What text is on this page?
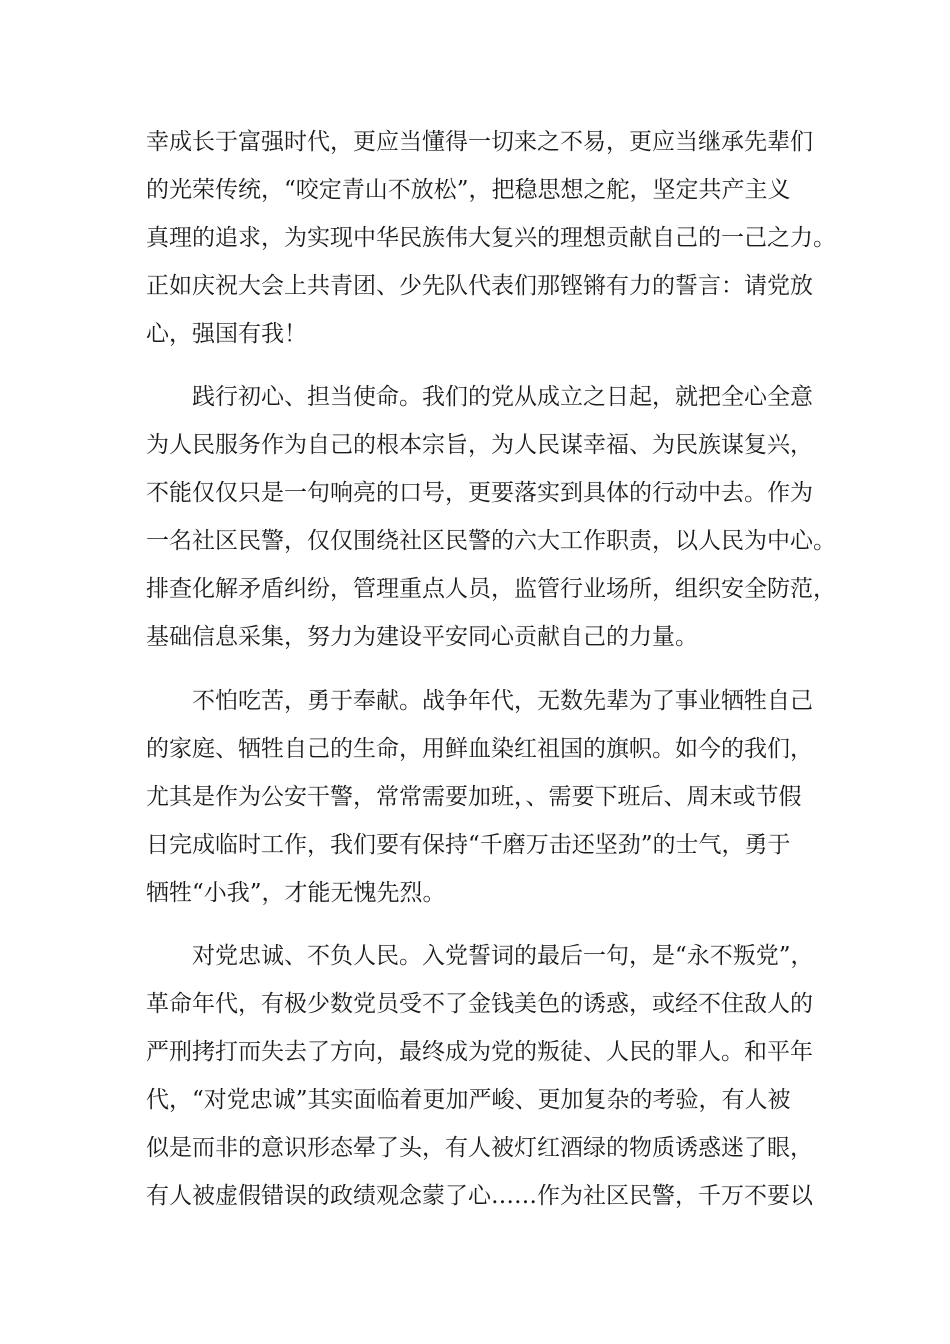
幸成长于富强时代，更应当懂得一切来之不易，更应当继承先辈们
的光荣传统，“咬定青山不放松”，把稳思想之舵，坚定共产主义
真理的追求，为实现中华民族伟大复兴的理想贡献自己的一己之力。
正如庆祝大会上共青团、少先队代表们那铿锵有力的誓言：请党放
心，强国有我！
践行初心、担当使命。我们的党从成立之日起，就把全心全意
为人民服务作为自己的根本宗旨，为人民谋幸福、为民族谋复兴，
不能仅仅只是一句响亮的口号，更要落实到具体的行动中去。作为
一名社区民警，仅仅围绕社区民警的六大工作职责，以人民为中心。
排查化解矛盾纠纷，管理重点人员，监管行业场所，组织安全防范，
基础信息采集，努力为建设平安同心贡献自己的力量。
不怕吃苦，勇于奉献。战争年代，无数先辈为了事业牺牲自己
的家庭、牺牲自己的生命，用鲜血染红祖国的旗帜。如今的我们，
尤其是作为公安干警，常常需要加班，、需要下班后、周末或节假
日完成临时工作，我们要有保持“千磨万击还坚劲”的士气，勇于
牺牲“小我”，才能无愧先烈。
对党忠诚、不负人民。入党誓词的最后一句，是“永不叛党”，
革命年代，有极少数党员受不了金钱美色的诱惑，或经不住敌人的
严刑拷打而失去了方向，最终成为党的叛徒、人民的罪人。和平年
代，“对党忠诚”其实面临着更加严峻、更加复杂的考验，有人被
似是而非的意识形态晕了头，有人被灯红酒绿的物质诱惑迷了眼，
有人被虚假错误的政绩观念蒙了心……作为社区民警，千万不要以
